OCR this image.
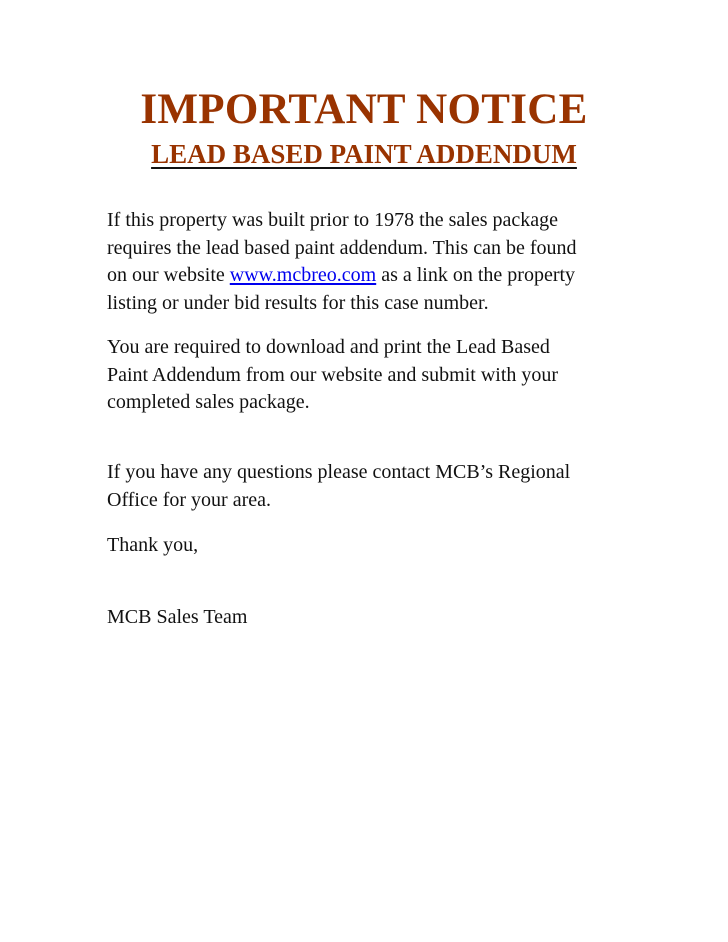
IMPORTANT NOTICE
LEAD BASED PAINT ADDENDUM
If this property was built prior to 1978 the sales package
requires the lead based paint addendum. This can be found
on our website www.mcbreo.com as a link on the property
listing or under bid results for this case number.
You are required to download and print the Lead Based
Paint Addendum from our website and submit with your
completed sales package.
If you have any questions please contact MCB’s Regional
Office for your area.
Thank you,
MCB Sales Team
